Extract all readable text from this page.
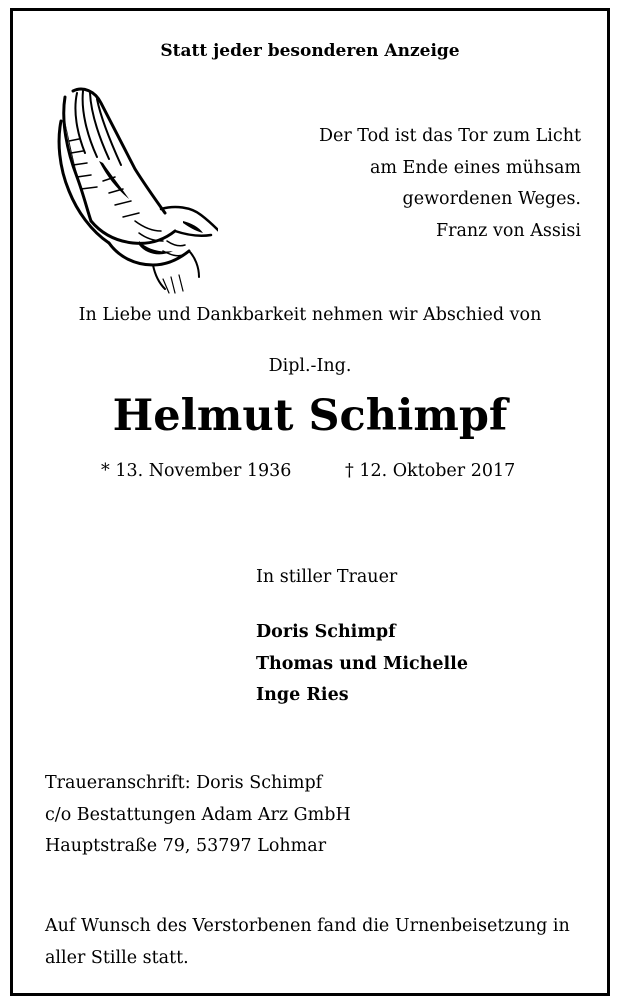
Statt jeder besonderen Anzeige
Der Tod ist das Tor zum Licht
am Ende eines mühsam
gewordenen Weges.
Franz von Assisi
In Liebe und Dankbarkeit nehmen wir Abschied von
Dipl.-Ing.
Helmut Schimpf
* 13. November 1936	† 12. Oktober 2017
In stiller Trauer
Doris Schimpf
Thomas und Michelle
Inge Ries
Traueranschrift: Doris Schimpf
c/o Bestattungen Adam Arz GmbH
Hauptstraße 79, 53797 Lohmar
Auf Wunsch des Verstorbenen fand die Urnenbeisetzung in aller Stille statt.
